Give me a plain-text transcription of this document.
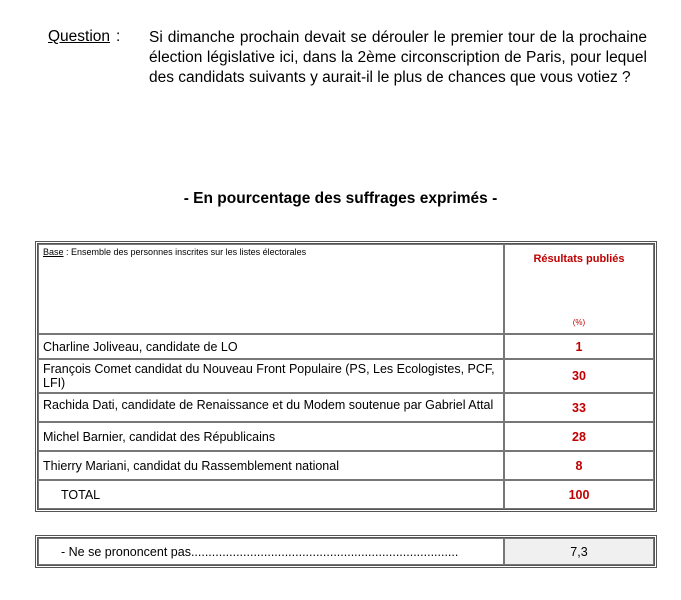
Question : Si dimanche prochain devait se dérouler le premier tour de la prochaine élection législative ici, dans la 2ème circonscription de Paris, pour lequel des candidats suivants y aurait-il le plus de chances que vous votiez ?
- En pourcentage des suffrages exprimés -
Base : Ensemble des personnes inscrites sur les listes électorales	Résultats publiés
(%)

Charline Joliveau, candidate de LO	1
François Comet candidat du Nouveau Front Populaire (PS, Les Ecologistes, PCF, LFI)	30
Rachida Dati, candidate de Renaissance et du Modem soutenue par Gabriel Attal	33
Michel Barnier, candidat des Républicains	28
Thierry Mariani, candidat du Rassemblement national	8
TOTAL	100
- Ne se prononcent pas.............................................................................	7,3
